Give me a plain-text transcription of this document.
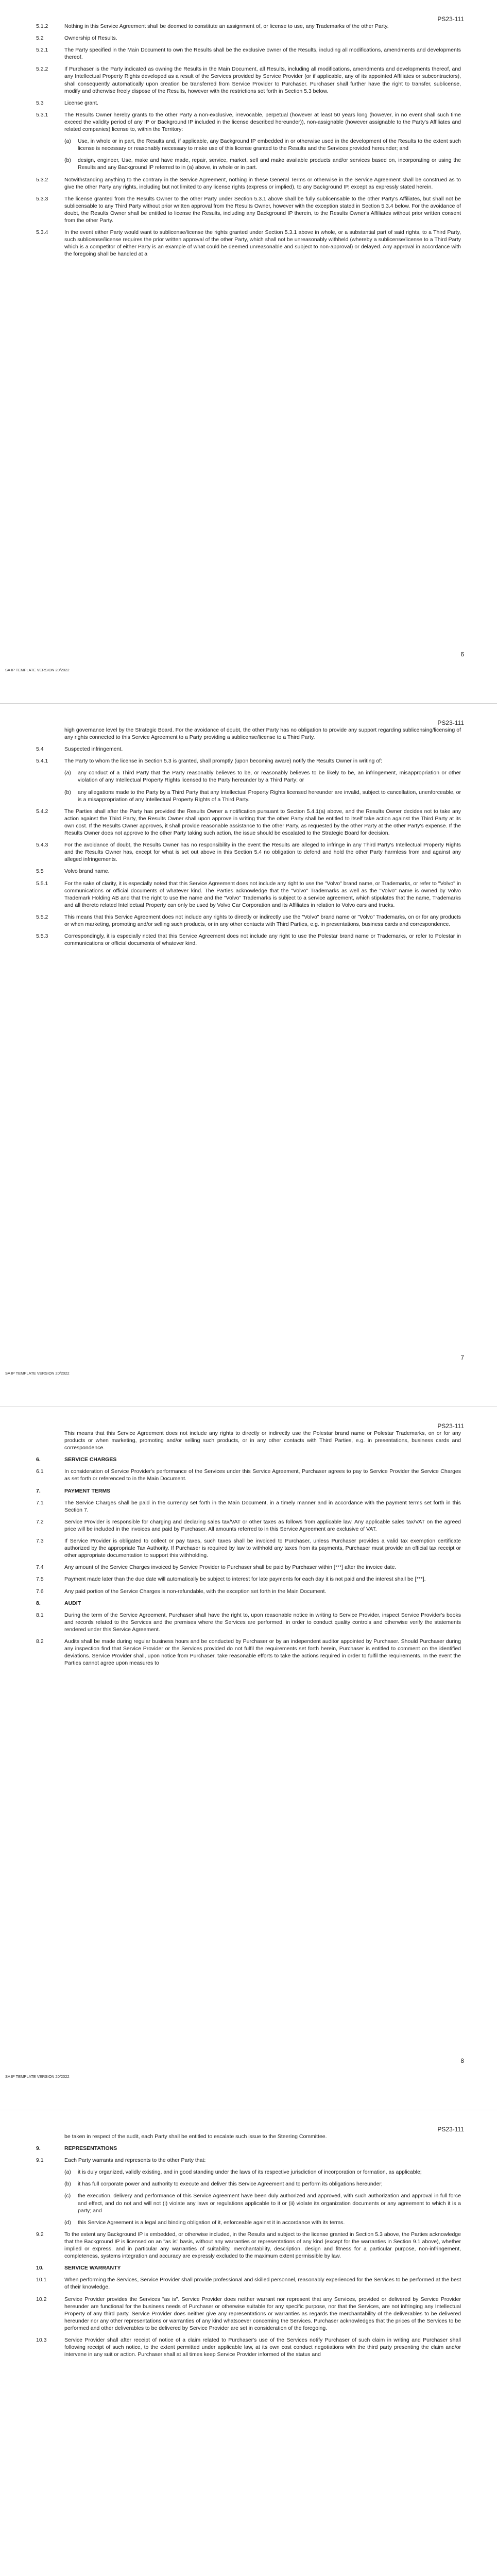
PS23-111
5.1.2	Nothing in this Service Agreement shall be deemed to constitute an assignment of, or license to use, any Trademarks of the other Party.
5.2	Ownership of Results.
5.2.1	The Party specified in the Main Document to own the Results shall be the exclusive owner of the Results, including all modifications, amendments and developments thereof.
5.2.2	If Purchaser is the Party indicated as owning the Results in the Main Document, all Results, including all modifications, amendments and developments thereof, and any Intellectual Property Rights developed as a result of the Services provided by Service Provider (or if applicable, any of its appointed Affiliates or subcontractors), shall consequently automatically upon creation be transferred from Service Provider to Purchaser. Purchaser shall further have the right to transfer, sublicense, modify and otherwise freely dispose of the Results, however with the restrictions set forth in Section 5.3 below.
5.3	License grant.
5.3.1	The Results Owner hereby grants to the other Party a non-exclusive, irrevocable, perpetual (however at least 50 years long (however, in no event shall such time exceed the validity period of any IP or Background IP included in the license described hereunder)), non-assignable (however assignable to the Party's Affiliates and related companies) license to, within the Territory:
(a)	Use, in whole or in part, the Results and, if applicable, any Background IP embedded in or otherwise used in the development of the Results to the extent such license is necessary or reasonably necessary to make use of this license granted to the Results and the Services provided hereunder; and
(b)	design, engineer, Use, make and have made, repair, service, market, sell and make available products and/or services based on, incorporating or using the Results and any Background IP referred to in (a) above, in whole or in part.
5.3.2	Notwithstanding anything to the contrary in the Service Agreement, nothing in these General Terms or otherwise in the Service Agreement shall be construed as to give the other Party any rights, including but not limited to any license rights (express or implied), to any Background IP, except as expressly stated herein.
5.3.3	The license granted from the Results Owner to the other Party under Section 5.3.1 above shall be fully sublicensable to the other Party's Affiliates, but shall not be sublicensable to any Third Party without prior written approval from the Results Owner, however with the exception stated in Section 5.3.4 below. For the avoidance of doubt, the Results Owner shall be entitled to license the Results, including any Background IP therein, to the Results Owner's Affiliates without prior written consent from the other Party.
5.3.4	In the event either Party would want to sublicense/license the rights granted under Section 5.3.1 above in whole, or a substantial part of said rights, to a Third Party, such sublicense/license requires the prior written approval of the other Party, which shall not be unreasonably withheld (whereby a sublicense/license to a Third Party which is a competitor of either Party is an example of what could be deemed unreasonable and subject to non-approval) or delayed. Any approval in accordance with the foregoing shall be handled at a
6
SA IP TEMPLATE VERSION 20/2022
PS23-111
high governance level by the Strategic Board. For the avoidance of doubt, the other Party has no obligation to provide any support regarding sublicensing/licensing of any rights connected to this Service Agreement to a Party providing a sublicense/license to a Third Party.
5.4	Suspected infringement.
5.4.1	The Party to whom the license in Section 5.3 is granted, shall promptly (upon becoming aware) notify the Results Owner in writing of:
(a)	any conduct of a Third Party that the Party reasonably believes to be, or reasonably believes to be likely to be, an infringement, misappropriation or other violation of any Intellectual Property Rights licensed to the Party hereunder by a Third Party; or
(b)	any allegations made to the Party by a Third Party that any Intellectual Property Rights licensed hereunder are invalid, subject to cancellation, unenforceable, or is a misappropriation of any Intellectual Property Rights of a Third Party.
5.4.2	The Parties shall after the Party has provided the Results Owner a notification pursuant to Section 5.4.1(a) above, and the Results Owner decides not to take any action against the Third Party, the Results Owner shall upon approve in writing that the other Party shall be entitled to itself take action against the Third Party at its own cost. If the Results Owner approves, it shall provide reasonable assistance to the other Party, as requested by the other Party at the other Party's expense. If the Results Owner does not approve to the other Party taking such action, the issue should be escalated to the Strategic Board for decision.
5.4.3	For the avoidance of doubt, the Results Owner has no responsibility in the event the Results are alleged to infringe in any Third Party's Intellectual Property Rights and the Results Owner has, except for what is set out above in this Section 5.4 no obligation to defend and hold the other Party harmless from and against any alleged infringements.
5.5	Volvo brand name.
5.5.1	For the sake of clarity, it is especially noted that this Service Agreement does not include any right to use the "Volvo" brand name, or Trademarks, or refer to "Volvo" in communications or official documents of whatever kind. The Parties acknowledge that the "Volvo" Trademarks as well as the "Volvo" name is owned by Volvo Trademark Holding AB and that the right to use the name and the "Volvo" Trademarks is subject to a service agreement, which stipulates that the name, Trademarks and all thereto related Intellectual Property can only be used by Volvo Car Corporation and its Affiliates in relation to Volvo cars and trucks.
5.5.2	This means that this Service Agreement does not include any rights to directly or indirectly use the "Volvo" brand name or "Volvo" Trademarks, on or for any products or when marketing, promoting and/or selling such products, or in any other contacts with Third Parties, e.g. in presentations, business cards and correspondence.
5.5.3	Correspondingly, it is especially noted that this Service Agreement does not include any right to use the Polestar brand name or Trademarks, or refer to Polestar in communications or official documents of whatever kind.
7
SA IP TEMPLATE VERSION 20/2022
PS23-111
This means that this Service Agreement does not include any rights to directly or indirectly use the Polestar brand name or Polestar Trademarks, on or for any products or when marketing, promoting and/or selling such products, or in any other contacts with Third Parties, e.g. in presentations, business cards and correspondence.
6.	SERVICE CHARGES
6.1	In consideration of Service Provider's performance of the Services under this Service Agreement, Purchaser agrees to pay to Service Provider the Service Charges as set forth or referenced to in the Main Document.
7.	PAYMENT TERMS
7.1	The Service Charges shall be paid in the currency set forth in the Main Document, in a timely manner and in accordance with the payment terms set forth in this Section 7.
7.2	Service Provider is responsible for charging and declaring sales tax/VAT or other taxes as follows from applicable law. Any applicable sales tax/VAT on the agreed price will be included in the invoices and paid by Purchaser. All amounts referred to in this Service Agreement are exclusive of VAT.
7.3	If Service Provider is obligated to collect or pay taxes, such taxes shall be invoiced to Purchaser, unless Purchaser provides a valid tax exemption certificate authorized by the appropriate Tax Authority. If Purchaser is required by law to withhold any taxes from its payments, Purchaser must provide an official tax receipt or other appropriate documentation to support this withholding.
7.4	Any amount of the Service Charges invoiced by Service Provider to Purchaser shall be paid by Purchaser within [***] after the invoice date.
7.5	Payment made later than the due date will automatically be subject to interest for late payments for each day it is not paid and the interest shall be [***].
7.6	Any paid portion of the Service Charges is non-refundable, with the exception set forth in the Main Document.
8.	AUDIT
8.1	During the term of the Service Agreement, Purchaser shall have the right to, upon reasonable notice in writing to Service Provider, inspect Service Provider's books and records related to the Services and the premises where the Services are performed, in order to conduct quality controls and otherwise verify the statements rendered under this Service Agreement.
8.2	Audits shall be made during regular business hours and be conducted by Purchaser or by an independent auditor appointed by Purchaser. Should Purchaser during any inspection find that Service Provider or the Services provided do not fulfil the requirements set forth herein, Purchaser is entitled to comment on the identified deviations. Service Provider shall, upon notice from Purchaser, take reasonable efforts to take the actions required in order to fulfil the requirements. In the event the Parties cannot agree upon measures to
8
SA IP TEMPLATE VERSION 20/2022
PS23-111
be taken in respect of the audit, each Party shall be entitled to escalate such issue to the Steering Committee.
9.	REPRESENTATIONS
9.1	Each Party warrants and represents to the other Party that:
(a)	it is duly organized, validly existing, and in good standing under the laws of its respective jurisdiction of incorporation or formation, as applicable;
(b)	it has full corporate power and authority to execute and deliver this Service Agreement and to perform its obligations hereunder;
(c)	the execution, delivery and performance of this Service Agreement have been duly authorized and approved, with such authorization and approval in full force and effect, and do not and will not (i) violate any laws or regulations applicable to it or (ii) violate its organization documents or any agreement to which it is a party; and
(d)	this Service Agreement is a legal and binding obligation of it, enforceable against it in accordance with its terms.
9.2	To the extent any Background IP is embedded, or otherwise included, in the Results and subject to the license granted in Section 5.3 above, the Parties acknowledge that the Background IP is licensed on an "as is" basis, without any warranties or representations of any kind (except for the warranties in Section 9.1 above), whether implied or express, and in particular any warranties of suitability, merchantability, description, design and fitness for a particular purpose, non-infringement, completeness, systems integration and accuracy are expressly excluded to the maximum extent permissible by law.
10.	SERVICE WARRANTY
10.1	When performing the Services, Service Provider shall provide professional and skilled personnel, reasonably experienced for the Services to be performed at the best of their knowledge.
10.2	Service Provider provides the Services "as is". Service Provider does neither warrant nor represent that any Services, provided or delivered by Service Provider hereunder are functional for the business needs of Purchaser or otherwise suitable for any specific purpose, nor that the Services, are not infringing any Intellectual Property of any third party. Service Provider does neither give any representations or warranties as regards the merchantability of the deliverables to be delivered hereunder nor any other representations or warranties of any kind whatsoever concerning the Services. Purchaser acknowledges that the prices of the Services to be performed and other deliverables to be delivered by Service Provider are set in consideration of the foregoing.
10.3	Service Provider shall after receipt of notice of a claim related to Purchaser's use of the Services notify Purchaser of such claim in writing and Purchaser shall following receipt of such notice, to the extent permitted under applicable law, at its own cost conduct negotiations with the third party presenting the claim and/or intervene in any suit or action. Purchaser shall at all times keep Service Provider informed of the status and
